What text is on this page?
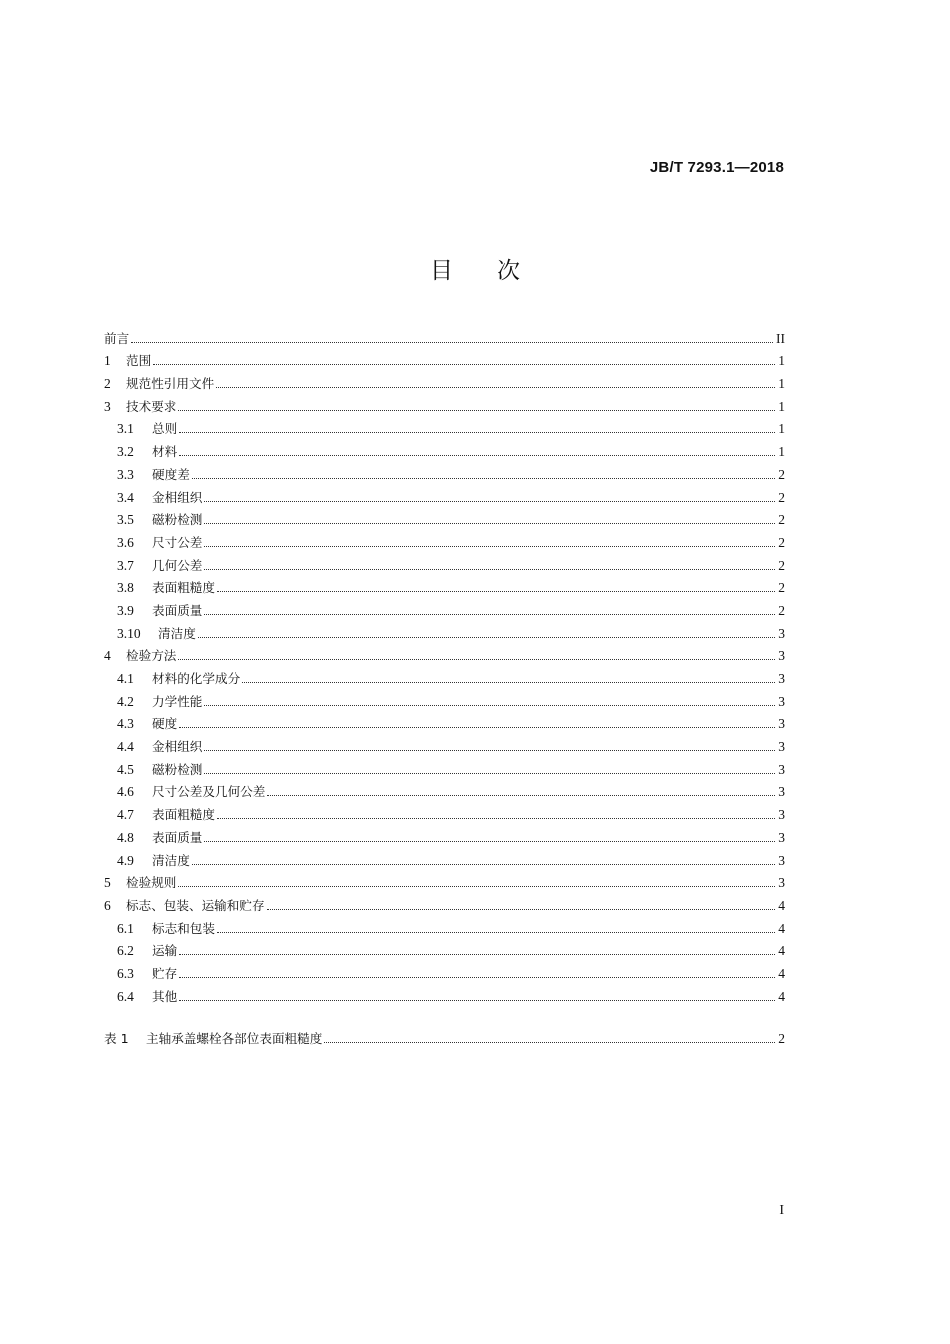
JB/T 7293.1—2018
目次
前言	II
1	范围	1
2	规范性引用文件	1
3	技术要求	1
3.1	总则	1
3.2	材料	1
3.3	硬度差	2
3.4	金相组织	2
3.5	磁粉检测	2
3.6	尺寸公差	2
3.7	几何公差	2
3.8	表面粗糙度	2
3.9	表面质量	2
3.10	清洁度	3
4	检验方法	3
4.1	材料的化学成分	3
4.2	力学性能	3
4.3	硬度	3
4.4	金相组织	3
4.5	磁粉检测	3
4.6	尺寸公差及几何公差	3
4.7	表面粗糙度	3
4.8	表面质量	3
4.9	清洁度	3
5	检验规则	3
6	标志、包装、运输和贮存	4
6.1	标志和包装	4
6.2	运输	4
6.3	贮存	4
6.4	其他	4
表 1	主轴承盖螺栓各部位表面粗糙度	2
I
